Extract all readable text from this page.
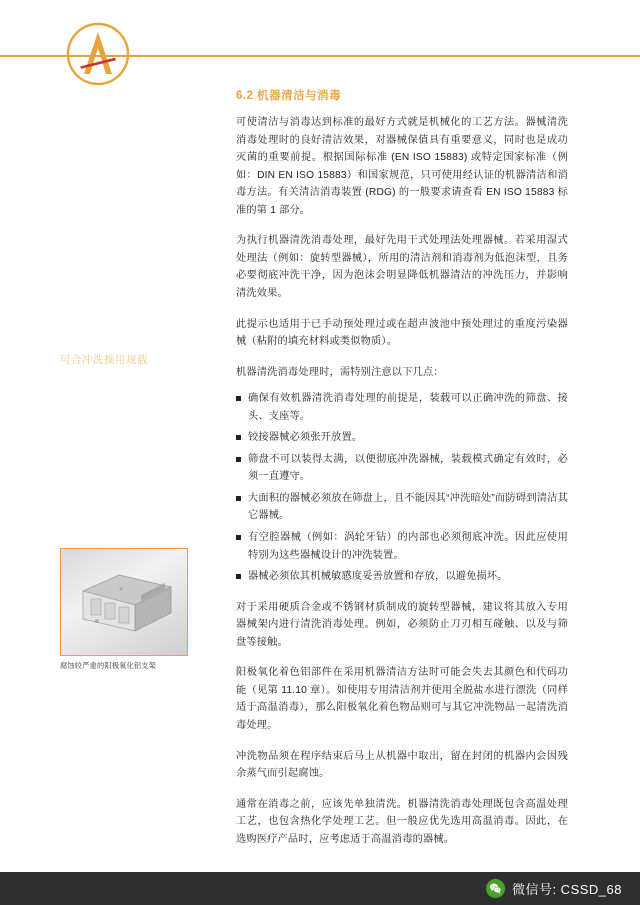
可合冲洗操用规载
腐蚀较严重的阳极氧化铝支架
6.2 机器清洁与消毒

可使清洁与消毒达到标准的最好方式就是机械化的工艺方法。器械清洗消毒处理时的良好清洁效果，对器械保值具有重要意义，同时也是成功灭菌的重要前提。根据国际标准 (EN ISO 15883) 或特定国家标准（例如：DIN EN ISO 15883）和国家规范，只可使用经认证的机器清洁和消毒方法。有关清洁消毒装置 (RDG) 的一般要求请查看 EN ISO 15883 标准的第 1 部分。

为执行机器清洗消毒处理，最好先用干式处理法处理器械。若采用湿式处理法（例如：旋转型器械），所用的清洁剂和消毒剂为低泡沫型，且务必要彻底冲洗干净，因为泡沫会明显降低机器清洁的冲洗压力，并影响清洗效果。

此提示也适用于已手动预处理过或在超声波池中预处理过的重度污染器械（粘附的填充材料或类似物质）。

机器清洗消毒处理时，需特别注意以下几点：

确保有效机器清洗消毒处理的前提是，装载可以正确冲洗的筛盘、接头、支座等。
铰接器械必须张开放置。
筛盘不可以装得太满，以便彻底冲洗器械，装载模式确定有效时，必须一直遵守。
大面积的器械必须放在筛盘上，且不能因其“冲洗暗处”而防碍到清洁其它器械。
有空腔器械（例如：涡轮牙钻）的内部也必须彻底冲洗。因此应使用特别为这些器械设计的冲洗装置。
器械必须依其机械敏感度妥善放置和存放，以避免损坏。

对于采用硬质合金或不锈钢材质制成的旋转型器械，建议将其放入专用器械架内进行清洗消毒处理。例如，必须防止刀刃相互碰触、以及与筛盘等接触。

阳极氧化着色铝部件在采用机器清洁方法时可能会失去其颜色和代码功能（见第 11.10 章）。如使用专用清洁剂并使用全脱盐水进行漂洗（同样适于高温消毒），那么阳极氧化着色物品则可与其它冲洗物品一起清洗消毒处理。

冲洗物品须在程序结束后马上从机器中取出，留在封闭的机器内会因残余蒸气而引起腐蚀。

通常在消毒之前，应该先单独清洗。机器清洗消毒处理既包含高温处理工艺，也包含热化学处理工艺。但一般应优先选用高温消毒。因此，在选购医疗产品时，应考虑适于高温消毒的器械。

微信号: CSSD_68
